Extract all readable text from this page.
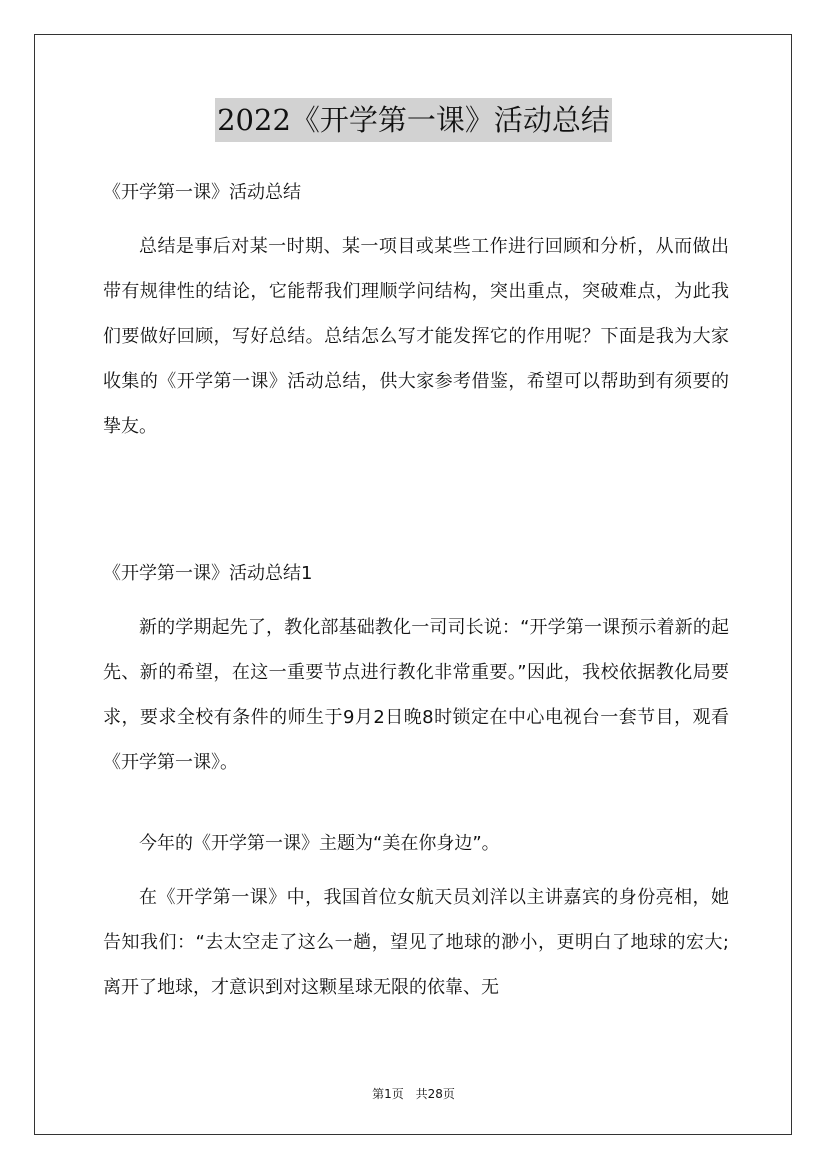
2022《开学第一课》活动总结
《开学第一课》活动总结
总结是事后对某一时期、某一项目或某些工作进行回顾和分析，从而做出带有规律性的结论，它能帮我们理顺学问结构，突出重点，突破难点，为此我们要做好回顾，写好总结。总结怎么写才能发挥它的作用呢？下面是我为大家收集的《开学第一课》活动总结，供大家参考借鉴，希望可以帮助到有须要的挚友。
《开学第一课》活动总结1
新的学期起先了，教化部基础教化一司司长说：“开学第一课预示着新的起先、新的希望，在这一重要节点进行教化非常重要。”因此，我校依据教化局要求，要求全校有条件的师生于9月2日晚8时锁定在中心电视台一套节目，观看《开学第一课》。
今年的《开学第一课》主题为“美在你身边”。
在《开学第一课》中，我国首位女航天员刘洋以主讲嘉宾的身份亮相，她告知我们：“去太空走了这么一趟，望见了地球的渺小，更明白了地球的宏大;离开了地球，才意识到对这颗星球无限的依靠、无
第1页 共28页
